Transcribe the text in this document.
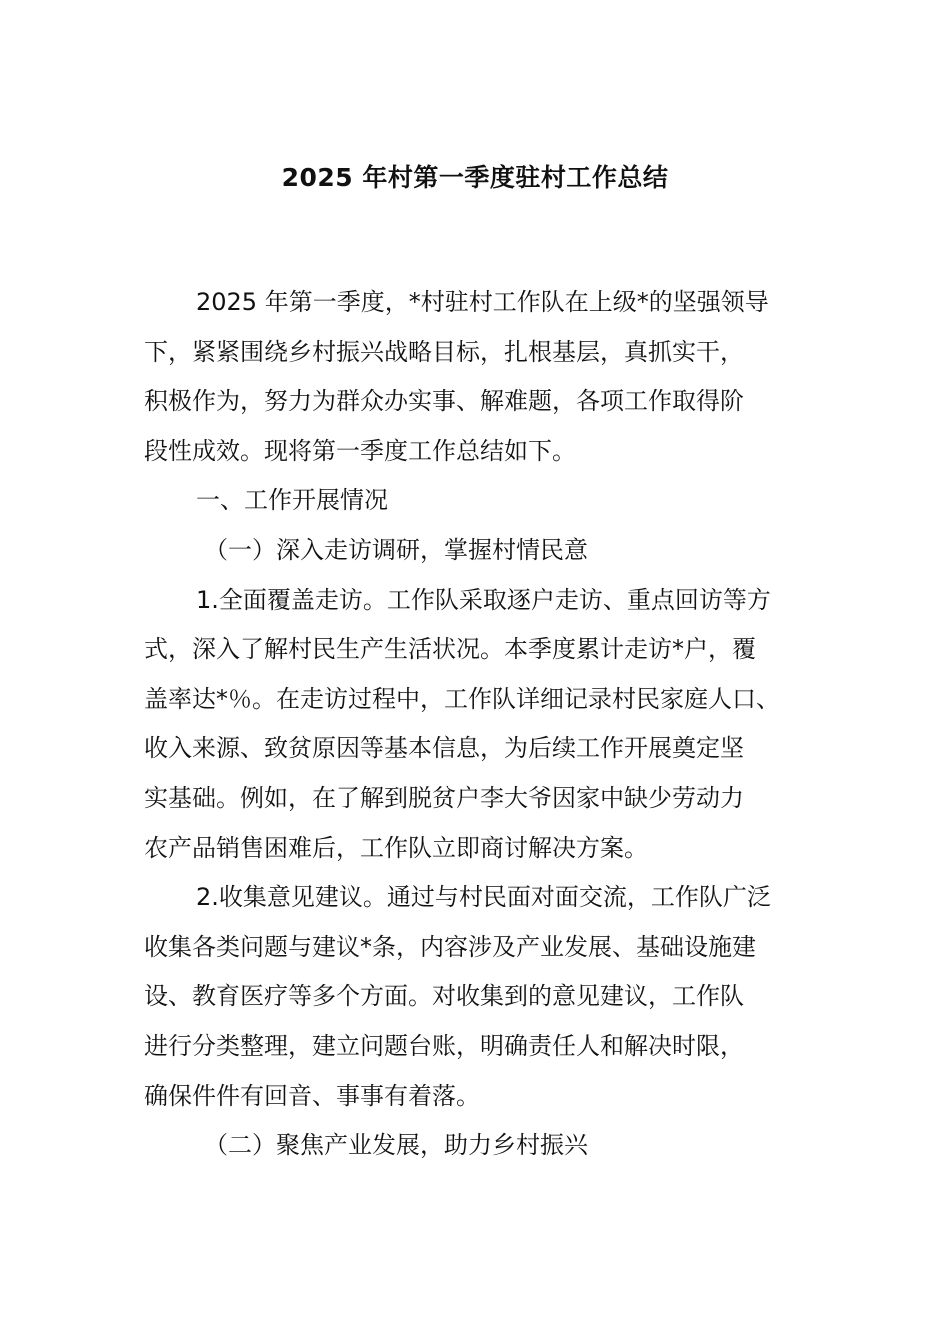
2025 年村第一季度驻村工作总结
2025 年第一季度，*村驻村工作队在上级*的坚强领导
下，紧紧围绕乡村振兴战略目标，扎根基层，真抓实干，
积极作为，努力为群众办实事、解难题，各项工作取得阶
段性成效。现将第一季度工作总结如下。
一、工作开展情况
（一）深入走访调研，掌握村情民意
1.全面覆盖走访。工作队采取逐户走访、重点回访等方
式，深入了解村民生产生活状况。本季度累计走访*户，覆
盖率达*％。在走访过程中，工作队详细记录村民家庭人口、
收入来源、致贫原因等基本信息，为后续工作开展奠定坚
实基础。例如，在了解到脱贫户李大爷因家中缺少劳动力
农产品销售困难后，工作队立即商讨解决方案。
2.收集意见建议。通过与村民面对面交流，工作队广泛
收集各类问题与建议*条，内容涉及产业发展、基础设施建
设、教育医疗等多个方面。对收集到的意见建议，工作队
进行分类整理，建立问题台账，明确责任人和解决时限，
确保件件有回音、事事有着落。
（二）聚焦产业发展，助力乡村振兴
